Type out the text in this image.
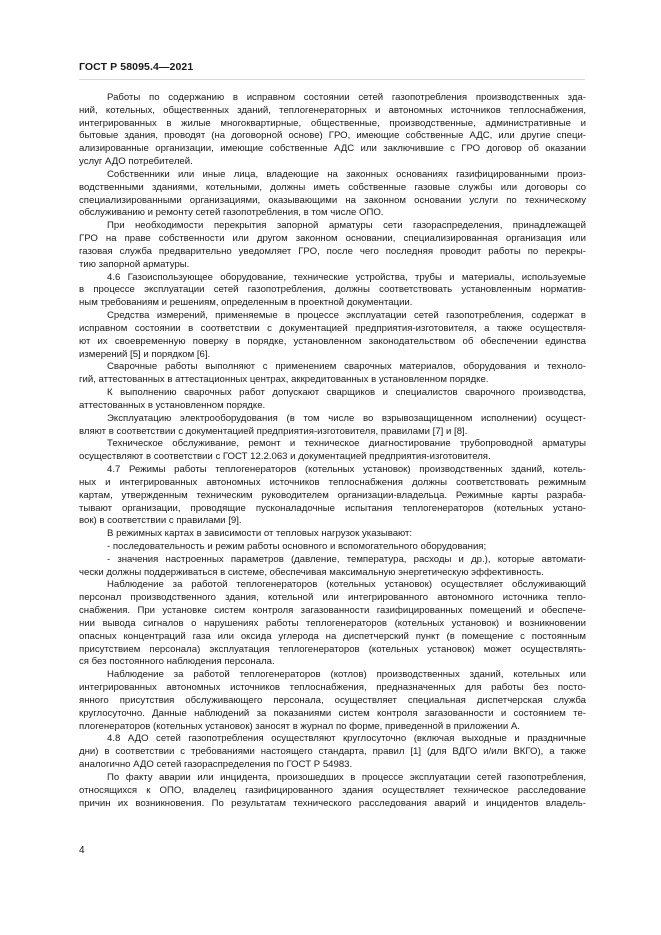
ГОСТ Р 58095.4—2021
Работы по содержанию в исправном состоянии сетей газопотребления производственных зда-
ний, котельных, общественных зданий, теплогенераторных и автономных источников теплоснабжения,
интегрированных в жилые многоквартирные, общественные, производственные, административные и
бытовые здания, проводят (на договорной основе) ГРО, имеющие собственные АДС, или другие специ-
ализированные организации, имеющие собственные АДС или заключившие с ГРО договор об оказании
услуг АДО потребителей.
Собственники или иные лица, владеющие на законных основаниях газифицированными произ-
водственными зданиями, котельными, должны иметь собственные газовые службы или договоры со
специализированными организациями, оказывающими на законном основании услуги по техническому
обслуживанию и ремонту сетей газопотребления, в том числе ОПО.
При необходимости перекрытия запорной арматуры сети газораспределения, принадлежащей
ГРО на праве собственности или другом законном основании, специализированная организация или
газовая служба предварительно уведомляет ГРО, после чего последняя проводит работы по перекры-
тию запорной арматуры.
4.6 Газоиспользующее оборудование, технические устройства, трубы и материалы, используемые
в процессе эксплуатации сетей газопотребления, должны соответствовать установленным норматив-
ным требованиям и решениям, определенным в проектной документации.
Средства измерений, применяемые в процессе эксплуатации сетей газопотребления, содержат в
исправном состоянии в соответствии с документацией предприятия-изготовителя, а также осуществля-
ют их своевременную поверку в порядке, установленном законодательством об обеспечении единства
измерений [5] и порядком [6].
Сварочные работы выполняют с применением сварочных материалов, оборудования и техноло-
гий, аттестованных в аттестационных центрах, аккредитованных в установленном порядке.
К выполнению сварочных работ допускают сварщиков и специалистов сварочного производства,
аттестованных в установленном порядке.
Эксплуатацию электрооборудования (в том числе во взрывозащищенном исполнении) осущест-
вляют в соответствии с документацией предприятия-изготовителя, правилами [7] и [8].
Техническое обслуживание, ремонт и техническое диагностирование трубопроводной арматуры
осуществляют в соответствии с ГОСТ 12.2.063 и документацией предприятия-изготовителя.
4.7 Режимы работы теплогенераторов (котельных установок) производственных зданий, котель-
ных и интегрированных автономных источников теплоснабжения должны соответствовать режимным
картам, утвержденным техническим руководителем организации-владельца. Режимные карты разраба-
тывают организации, проводящие пусконаладочные испытания теплогенераторов (котельных устано-
вок) в соответствии с правилами [9].
В режимных картах в зависимости от тепловых нагрузок указывают:
- последовательность и режим работы основного и вспомогательного оборудования;
- значения настроенных параметров (давление, температура, расходы и др.), которые автомати-
чески должны поддерживаться в системе, обеспечивая максимальную энергетическую эффективность.
Наблюдение за работой теплогенераторов (котельных установок) осуществляет обслуживающий
персонал производственного здания, котельной или интегрированного автономного источника тепло-
снабжения. При установке систем контроля загазованности газифицированных помещений и обеспече-
нии вывода сигналов о нарушениях работы теплогенераторов (котельных установок) и возникновении
опасных концентраций газа или оксида углерода на диспетчерский пункт (в помещение с постоянным
присутствием персонала) эксплуатация теплогенераторов (котельных установок) может осуществлять-
ся без постоянного наблюдения персонала.
Наблюдение за работой теплогенераторов (котлов) производственных зданий, котельных или
интегрированных автономных источников теплоснабжения, предназначенных для работы без посто-
янного присутствия обслуживающего персонала, осуществляет специальная диспетчерская служба
круглосуточно. Данные наблюдений за показаниями систем контроля загазованности и состоянием те-
плогенераторов (котельных установок) заносят в журнал по форме, приведенной в приложении А.
4.8 АДО сетей газопотребления осуществляют круглосуточно (включая выходные и праздничные
дни) в соответствии с требованиями настоящего стандарта, правил [1] (для ВДГО и/или ВКГО), а также
аналогично АДО сетей газораспределения по ГОСТ Р 54983.
По факту аварии или инцидента, произошедших в процессе эксплуатации сетей газопотребления,
относящихся к ОПО, владелец газифицированного здания осуществляет техническое расследование
причин их возникновения. По результатам технического расследования аварий и инцидентов владель-
4
